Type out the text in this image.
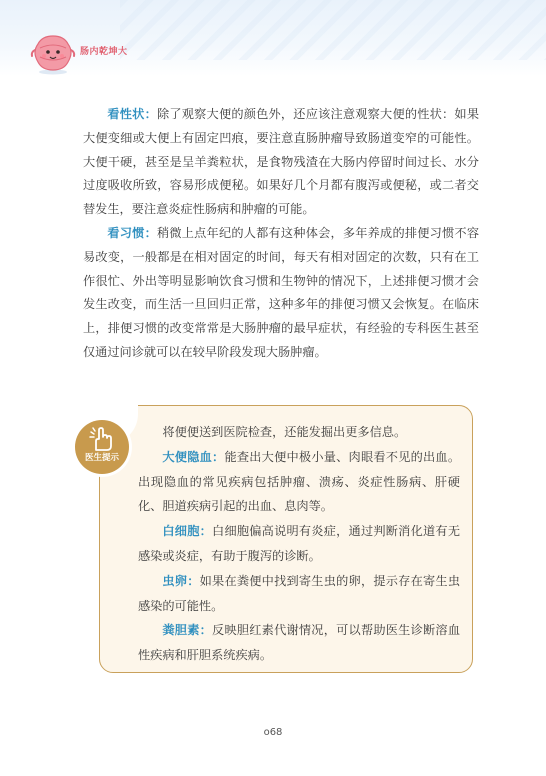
肠内乾坤大

看性状：除了观察大便的颜色外，还应该注意观察大便的性状：如果大便变细或大便上有固定凹痕，要注意直肠肿瘤导致肠道变窄的可能性。大便干硬，甚至是呈羊粪粒状，是食物残渣在大肠内停留时间过长、水分过度吸收所致，容易形成便秘。如果好几个月都有腹泻或便秘，或二者交替发生，要注意炎症性肠病和肿瘤的可能。

看习惯：稍微上点年纪的人都有这种体会，多年养成的排便习惯不容易改变，一般都是在相对固定的时间，每天有相对固定的次数，只有在工作很忙、外出等明显影响饮食习惯和生物钟的情况下，上述排便习惯才会发生改变，而生活一旦回归正常，这种多年的排便习惯又会恢复。在临床上，排便习惯的改变常常是大肠肿瘤的最早症状，有经验的专科医生甚至仅通过问诊就可以在较早阶段发现大肠肿瘤。

医生提示

将便便送到医院检查，还能发掘出更多信息。

大便隐血：能查出大便中极小量、肉眼看不见的出血。出现隐血的常见疾病包括肿瘤、溃疡、炎症性肠病、肝硬化、胆道疾病引起的出血、息肉等。

白细胞：白细胞偏高说明有炎症，通过判断消化道有无感染或炎症，有助于腹泻的诊断。

虫卵：如果在粪便中找到寄生虫的卵，提示存在寄生虫感染的可能性。

粪胆素：反映胆红素代谢情况，可以帮助医生诊断溶血性疾病和肝胆系统疾病。

o68
